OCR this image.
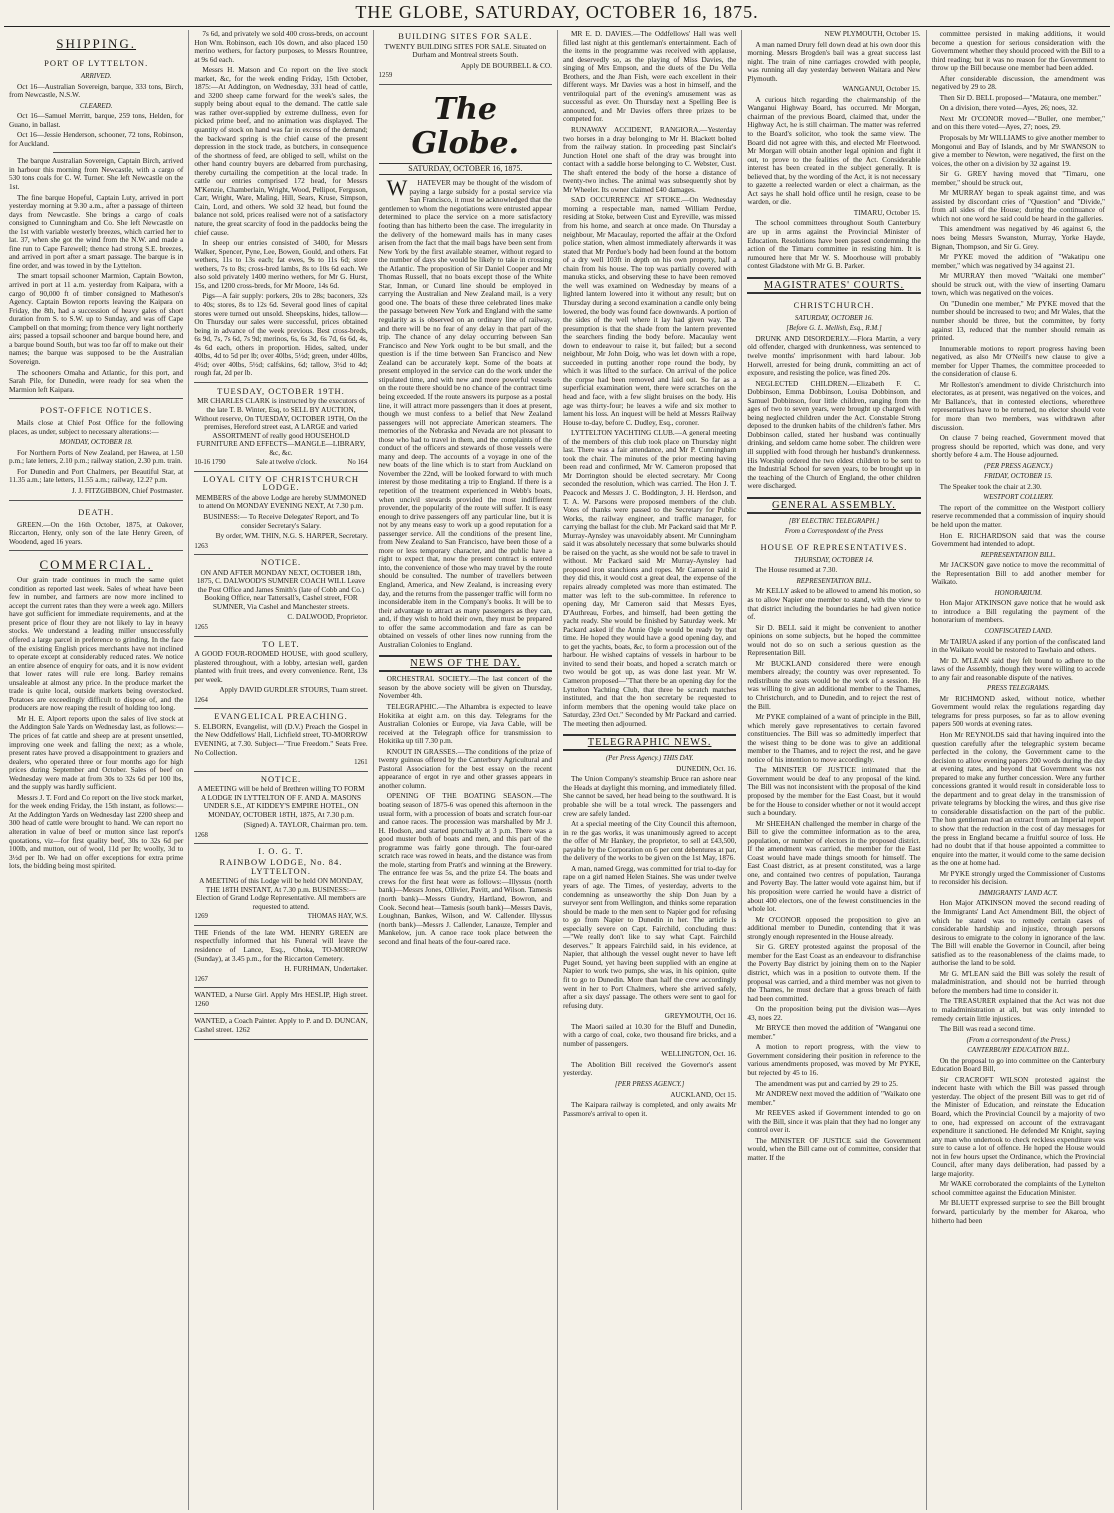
THE GLOBE, SATURDAY, OCTOBER 16, 1875.
SHIPPING.
PORT OF LYTTELTON.
ARRIVED.

Oct 16—Australian Sovereign, barque, 333 tons, Birch, from Newcastle, N.S.W.

CLEARED.

Oct 16—Samuel Merritt, barque, 259 tons, Helden, for Guano, in ballast.

Oct 16—Jessie Henderson, schooner, 72 tons, Robinson, for Auckland.

The barque Australian Sovereign, Captain Birch, arrived in harbour this morning from Newcastle, with a cargo of 530 tons coals for C. W. Turner. She left Newcastle on the 1st.

The fine barque Hopeful, Captain Luty, arrived in port yesterday morning at 9.30 a.m., after a passage of thirteen days from Newcastle. She brings a cargo of coals consigned to Cunningham and Co. She left Newcastle on the 1st with variable westerly breezes, which carried her to lat. 37, when she got the wind from the N.W. and made a fine run to Cape Farewell; thence had strong S.E. breezes, and arrived in port after a smart passage. The barque is in fine order, and was towed in by the Lyttelton.

The smart topsail schooner Marmion, Captain Bowton, arrived in port at 11 a.m. yesterday from Kaipara, with a cargo of 90,000 ft of timber consigned to Matheson's Agency. Captain Bowton reports leaving the Kaipara on Friday, the 8th, had a succession of heavy gales of short duration from S. to S.W. up to Sunday, and was off Cape Campbell on that morning; from thence very light northerly airs; passed a topsail schooner and barque bound here, and a barque bound South, but was too far off to make out their names; the barque was supposed to be the Australian Sovereign.

The schooners Omaha and Atlantic, for this port, and Sarah Pile, for Dunedin, were ready for sea when the Marmion left Kaipara.

POST-OFFICE NOTICES.

Mails close at Chief Post Office for the following places, as under, subject to necessary alterations:—

MONDAY, OCTOBER 18.

For Northern Ports of New Zealand, per Hawea, at 1.50 p.m.; late letters, 2.10 p.m.; railway station, 2.30 p.m. train.

For Dunedin and Port Chalmers, per Beautiful Star, at 11.35 a.m.; late letters, 11.55 a.m.; railway, 12.2? p.m.

J. J. FITZGIBBON, Chief Postmaster.

DEATH.

GREEN.—On the 16th October, 1875, at Oakover, Riccarton, Henry, only son of the late Henry Green, of Woodend, aged 16 years.

COMMERCIAL.

Our grain trade continues in much the same quiet condition as reported last week. Sales of wheat have been few in number, and farmers are now more inclined to accept the current rates than they were a week ago. Millers have got sufficient for immediate requirements, and at the present price of flour they are not likely to lay in heavy stocks. We understand a leading miller unsuccessfully offered a large parcel in preference to grinding. In the face of the existing English prices merchants have not inclined to operate except at considerably reduced rates. We notice an entire absence of enquiry for oats, and it is now evident that lower rates will rule ere long. Barley remains unsaleable at almost any price. In the produce market the trade is quite local, outside markets being overstocked. Potatoes are exceedingly difficult to dispose of, and the producers are now reaping the result of holding too long.

Mr H. E. Alport reports upon the sales of live stock at the Addington Sale Yards on Wednesday last, as follows:—The prices of fat cattle and sheep are at present unsettled, improving one week and falling the next; as a whole, present rates have proved a disappointment to graziers and dealers, who operated three or four months ago for high prices during September and October. Sales of beef on Wednesday were made at from 30s to 32s 6d per 100 lbs, and the supply was hardly sufficient.

Messrs J. T. Ford and Co report on the live stock market, for the week ending Friday, the 15th instant, as follows:—At the Addington Yards on Wednesday last 2200 sheep and 300 head of cattle were brought to hand. We can report no alteration in value of beef or mutton since last report's quotations, viz—for first quality beef, 30s to 32s 6d per 100lb, and mutton, out of wool, 11d per lb; woolly, 3d to 3½d per lb. We had on offer exceptions for extra prime lots, the bidding being most spirited.

7s 6d, and privately we sold 400 cross-breds, on account Hon Wm. Robinson, each 10s down, and also placed 150 merino wethers, for factory purposes, to Messrs Rountree, at 9s 6d each.

Messrs H. Matson and Co report on the live stock market, &c, for the week ending Friday, 15th October, 1875:—At Addington, on Wednesday, 331 head of cattle, and 3200 sheep came forward for the week's sales, the supply being about equal to the demand. The cattle sale was rather over-supplied by extreme dullness, even for picked prime beef, and no animation was displayed. The quantity of stock on hand was far in excess of the demand; the backward spring is the chief cause of the present depression in the stock trade, as butchers, in consequence of the shortness of feed, are obliged to sell, whilst on the other hand country buyers are debarred from purchasing, thereby curtailing the competition at the local trade. In cattle our entries comprised 172 head, for Messrs M'Kenzie, Chamberlain, Wright, Wood, Pellipot, Ferguson, Carr, Wright, Ware, Maling, Hill, Sears, Kruse, Simpson, Cain, Lord, and others. We sold 32 head, but found the balance not sold, prices realised were not of a satisfactory nature, the great scarcity of food in the paddocks being the chief cause.

In sheep our entries consisted of 3400, for Messrs Walker, Spencer, Pyne, Lee, Bowen, Gould, and others. Fat wethers, 11s to 13s each; fat ewes, 9s to 11s 6d; store wethers, 7s to 8s; cross-bred lambs, 8s to 10s 6d each. We also sold privately 1400 merino wethers, for Mr G. Hurst, 15s, and 1200 cross-breds, for Mr Moore, 14s 6d.

Pigs—A fair supply: porkers, 20s to 28s; baconers, 32s to 40s; stores, 8s to 12s 6d. Several good lines of capital stores were turned out unsold. Sheepskins, hides, tallow—On Thursday our sales were successful, prices obtained being in advance of the week previous. Best cross-breds, 6s 9d, 7s, 7s 6d, 7s 9d; merinos, 6s, 6s 3d, 6s 7d, 6s 6d, 4s, 4s 6d each, others in proportion. Hides, salted, under 40lbs, 4d to 5d per lb; over 40lbs, 5½d; green, under 40lbs, 4½d; over 40lbs, 5½d; calfskins, 6d; tallow, 3½d to 4d; rough fat, 2d per lb.

TUESDAY, OCTOBER 19TH.

MR CHARLES CLARK is instructed by the executors of the late T. B. Winter, Esq, to SELL BY AUCTION, Without reserve, On TUESDAY, OCTOBER 19TH, On the premises, Hereford street east, A LARGE and varied ASSORTMENT of really good HOUSEHOLD FURNITURE AND EFFECTS—MANGLE—LIBRARY, &c, &c.

10-16 1790	Sale at twelve o'clock.	No 164
LOYAL CITY OF CHRISTCHURCH LODGE.

MEMBERS of the above Lodge are hereby SUMMONED to attend On MONDAY EVENING NEXT, At 7.30 p.m.

BUSINESS:— To Receive Delegates' Report, and To consider Secretary's Salary.

By order, WM. THIN, N.G. S. HARPER, Secretary.

1263
NOTICE.

ON AND AFTER MONDAY NEXT, OCTOBER 18th, 1875, C. DALWOOD'S SUMNER COACH WILL Leave the Post Office and James Smith's (late of Cobb and Co.) Booking Office, near Tattersall's, Cashel street, FOR SUMNER, Via Cashel and Manchester streets.

C. DALWOOD, Proprietor.

1265
TO LET.

A GOOD FOUR-ROOMED HOUSE, with good scullery, plastered throughout, with a lobby, artesian well, garden planted with fruit trees, and every convenience. Rent, 13s per week.

Apply DAVID GURDLER STOURS, Tuam street.

1264
EVANGELICAL PREACHING.

S. ELBORN, Evangelist, will (D.V.) Preach the Gospel in the New Oddfellows' Hall, Lichfield street, TO-MORROW EVENING, at 7.30. Subject—"True Freedom." Seats Free. No Collection.

1261
NOTICE.

A MEETING will be held of Brethren willing TO FORM A LODGE IN LYTTELTON OF F. AND A. MASONS UNDER S.E., AT KIDDEY'S EMPIRE HOTEL, ON MONDAY, OCTOBER 18TH, 1875, At 7.30 p.m.

(Signed) A. TAYLOR, Chairman pro. tem.

1268
I. O. G. T.
RAINBOW LODGE, No. 84. LYTTELTON.

A MEETING of this Lodge will be held ON MONDAY, THE 18TH INSTANT, At 7.30 p.m. BUSINESS:— Election of Grand Lodge Representative. All members are requested to attend.

1269	THOMAS HAY, W.S.

THE Friends of the late WM. HENRY GREEN are respectfully informed that his Funeral will leave the residence of Lance, Esq., Ohoka, TO-MORROW (Sunday), at 3.45 p.m., for the Riccarton Cemetery.

H. FURHMAN, Undertaker.

1267

WANTED, a Nurse Girl. Apply Mrs HESLIP, High street. 1260

WANTED, a Coach Painter. Apply to P. and D. DUNCAN, Cashel street. 1262

BUILDING SITES FOR SALE.

TWENTY BUILDING SITES FOR SALE. Situated on Durham and Montreal streets South.

Apply DE BOURBELL & CO.

1259
The Globe.
SATURDAY, OCTOBER 16, 1875.

WHATEVER may be thought of the wisdom of paying a large subsidy for a postal service via San Francisco, it must be acknowledged that the gentlemen to whom the negotiations were entrusted appear determined to place the service on a more satisfactory footing than has hitherto been the case. The irregularity in the delivery of the homeward mails has in many cases arisen from the fact that the mail bags have been sent from New York by the first available steamer, without regard to the number of days she would be likely to take in crossing the Atlantic. The proposition of Sir Daniel Cooper and Mr Thomas Russell, that no boats except those of the White Star, Inman, or Cunard line should be employed in carrying the Australian and New Zealand mail, is a very good one. The boats of these three celebrated lines make the passage between New York and England with the same regularity as is observed on an ordinary line of railway, and there will be no fear of any delay in that part of the trip. The chance of any delay occurring between San Francisco and New York ought to be but small, and the question is if the time between San Francisco and New Zealand can be accurately kept. Some of the boats at present employed in the service can do the work under the stipulated time, and with new and more powerful vessels on the route there should be no chance of the contract time being exceeded. If the route answers its purpose as a postal line, it will attract more passengers than it does at present, though we must confess to a belief that New Zealand passengers will not appreciate American steamers. The memories of the Nebraska and Nevada are not pleasant to those who had to travel in them, and the complaints of the conduct of the officers and stewards of those vessels were many and deep. The accounts of a voyage in one of the new boats of the line which is to start from Auckland on November the 22nd, will be looked forward to with much interest by those meditating a trip to England. If there is a repetition of the treatment experienced in Webb's boats, when uncivil stewards provided the most indifferent provender, the popularity of the route will suffer. It is easy enough to drive passengers off any particular line, but it is not by any means easy to work up a good reputation for a passenger service. All the conditions of the present line, from New Zealand to San Francisco, have been those of a more or less temporary character, and the public have a right to expect that, now the present contract is entered into, the convenience of those who may travel by the route should be consulted. The number of travellers between England, America, and New Zealand, is increasing every day, and the returns from the passenger traffic will form no inconsiderable item in the Company's books. It will be to their advantage to attract as many passengers as they can, and, if they wish to hold their own, they must be prepared to offer the same accommodation and fare as can be obtained on vessels of other lines now running from the Australian Colonies to England.

NEWS OF THE DAY.

ORCHESTRAL SOCIETY.—The last concert of the season by the above society will be given on Thursday, November 4th.

TELEGRAPHIC.—The Alhambra is expected to leave Hokitika at eight a.m. on this day. Telegrams for the Australian Colonies or Europe, via Java Cable, will be received at the Telegraph office for transmission to Hokitika up till 7.30 p.m.

KNOUT IN GRASSES.—The conditions of the prize of twenty guineas offered by the Canterbury Agricultural and Pastoral Association for the best essay on the recent appearance of ergot in rye and other grasses appears in another column.

OPENING OF THE BOATING SEASON.—The boating season of 1875-6 was opened this afternoon in the usual form, with a procession of boats and scratch four-oar and canoe races. The procession was marshalled by Mr J. H. Hodson, and started punctually at 3 p.m. There was a good muster both of boats and men, and this part of the programme was fairly gone through. The four-oared scratch race was rowed in heats, and the distance was from the mole, starting from Pratt's and winning at the Brewery. The entrance fee was 5s, and the prize £4. The boats and crews for the first heat were as follows:—Illyssus (north bank)—Messrs Jones, Ollivier, Pavitt, and Wilson. Tamesis (north bank)—Messrs Gundry, Hartland, Bowron, and Cook. Second heat—Tamesis (south bank)—Messrs Davis, Loughnan, Bankes, Wilson, and W. Callender. Illyssus (north bank)—Messrs J. Callender, Lanauze, Templer and Mankelow, jun. A canoe race took place between the second and final heats of the four-oared race.

MR E. D. DAVIES.—The Oddfellows' Hall was well filled last night at this gentleman's entertainment. Each of the items in the programme was received with applause, and deservedly so, as the playing of Miss Davies, the singing of Mrs Empson, and the duets of the Du Vella Brothers, and the Jhan Fish, were each excellent in their different ways. Mr Davies was a host in himself, and the ventriloquial part of the evening's amusement was as successful as ever. On Thursday next a Spelling Bee is announced, and Mr Davies offers three prizes to be competed for.

RUNAWAY ACCIDENT, RANGIORA.—Yesterday two horses in a dray belonging to Mr H. Blackett bolted from the railway station. In proceeding past Sinclair's Junction Hotel one shaft of the dray was brought into contact with a saddle horse belonging to C. Webster, Cust. The shaft entered the body of the horse a distance of twenty-two inches. The animal was subsequently shot by Mr Wheeler. Its owner claimed £40 damages.

SAD OCCURRENCE AT STOKE.—On Wednesday morning a respectable man, named William Perdue, residing at Stoke, between Cust and Eyreville, was missed from his home, and search at once made. On Thursday a neighbour, Mr Macaulay, reported the affair at the Oxford police station, when almost immediately afterwards it was stated that Mr Perdue's body had been found at the bottom of a dry well 103ft in depth on his own property, half a chain from his house. The top was partially covered with manuka sticks, and observing these to have been removed the well was examined on Wednesday by means of a lighted lantern lowered into it without any result; but on Thursday during a second examination a candle only being lowered, the body was found face downwards. A portion of the sides of the well where it lay had given way. The presumption is that the shade from the lantern prevented the searchers finding the body before. Macaulay went down to endeavour to raise it, but failed; but a second neighbour, Mr John Doig, who was let down with a rope, succeeded in putting another rope round the body, by which it was lifted to the surface. On arrival of the police the corpse had been removed and laid out. So far as a superficial examination went, there were scratches on the head and face, with a few slight bruises on the body. His age was thirty-four; he leaves a wife and six mother to lament his loss. An inquest will be held at Messrs Railway House to-day, before C. Dudley, Esq., coroner.

LYTTELTON YACHTING CLUB.—A general meeting of the members of this club took place on Thursday night last. There was a fair attendance, and Mr P. Cunningham took the chair. The minutes of the prior meeting having been read and confirmed, Mr W. Cameron proposed that Mr Dorrington should be elected secretary. Mr Coong seconded the resolution, which was carried. The Hon J. T. Peacock and Messrs J. C. Boddington, J. H. Herdson, and T. A. W. Parsons were proposed members of the club. Votes of thanks were passed to the Secretary for Public Works, the railway engineer, and traffic manager, for carrying the ballast for the club. Mr Packard said that Mr P. Murray-Aynsley was unavoidably absent. Mr Cunningham said it was absolutely necessary that some bulwarks should be raised on the yacht, as she would not be safe to travel in without. Mr Packard said Mr Murray-Aynsley had proposed iron stanchions and ropes. Mr Cameron said it they did this, it would cost a great deal, the expense of the repairs already completed was more than estimated. The matter was left to the sub-committee. In reference to opening day, Mr Cameron said that Messrs Eyes, D'Authreau, Forbes, and himself, had been getting the yacht ready. She would be finished by Saturday week. Mr Packard asked if the Annie Ogle would be ready by that time. He hoped they would have a good opening day, and to get the yachts, boats, &c, to form a procession out of the harbour. He wished captains of vessels in harbour to be invited to send their boats, and hoped a scratch match or two would be got up, as was done last year. Mr W. Cameron proposed—"That there be an opening day for the Lyttelton Yachting Club, that three be scratch matches instituted, and that the hon secretary be requested to inform members that the opening would take place on Saturday, 23rd Oct." Seconded by Mr Packard and carried. The meeting then adjourned.

TELEGRAPHIC NEWS.
(Per Press Agency.) THIS DAY.

DUNEDIN, Oct. 16.

The Union Company's steamship Bruce ran ashore near the Heads at daylight this morning, and immediately filled. She cannot be saved, her head being to the southward. It is probable she will be a total wreck. The passengers and crew are safely landed.

At a special meeting of the City Council this afternoon, in re the gas works, it was unanimously agreed to accept the offer of Mr Hankey, the proprietor, to sell at £43,500, payable by the Corporation on 6 per cent debentures at par, the delivery of the works to be given on the 1st May, 1876.

A man, named Gregg, was committed for trial to-day for rape on a girl named Helen Staines. She was under twelve years of age. The Times, of yesterday, adverts to the condemning as unseaworthy the ship Don Juan by a surveyor sent from Wellington, and thinks some reparation should be made to the men sent to Napier god for refusing to go from Napier to Dunedin in her. The article is especially severe on Capt. Fairchild, concluding thus:—"We really don't like to say what Capt. Fairchild deserves." It appears Fairchild said, in his evidence, at Napier, that although the vessel ought never to have left Puget Sound, yet having been supplied with an engine at Napier to work two pumps, she was, in his opinion, quite fit to go to Dunedin. More than half the crew accordingly went in her to Port Chalmers, where she arrived safely, after a six days' passage. The others were sent to gaol for refusing duty.

GREYMOUTH, Oct 16.

The Maori sailed at 10.30 for the Bluff and Dunedin, with a cargo of coal, coke, two thousand fire bricks, and a number of passengers.

WELLINGTON, Oct. 16.

The Abolition Bill received the Governor's assent yesterday.

[PER PRESS AGENCY.]

AUCKLAND, Oct 15.

The Kaipara railway is completed, and only awaits Mr Passmore's arrival to open it.

NEW PLYMOUTH, October 15.

A man named Drury fell down dead at his own door this morning. Messrs Brogden's bail was a great success last night. The train of nine carriages crowded with people, was running all day yesterday between Waitara and New Plymouth.

WANGANUI, October 15.

A curious hitch regarding the chairmanship of the Wanganui Highway Board, has occurred. Mr Morgan, chairman of the previous Board, claimed that, under the Highway Act, he is still chairman. The matter was referred to the Board's solicitor, who took the same view. The Board did not agree with this, and elected Mr Fleetwood. Mr Morgan will obtain another legal opinion and fight it out, to prove to the fealities of the Act. Considerable interest has been created in the subject generally. It is believed that, by the wording of the Act, it is not necessary to gazette a reelected warden or elect a chairman, as the Act says he shall hold office until he resign, cease to be warden, or die.

TIMARU, October 15.

The school committees throughout South Canterbury are up in arms against the Provincial Minister of Education. Resolutions have been passed condemning the action of the Timaru committee in resisting him. It is rumoured here that Mr W. S. Moorhouse will probably contest Gladstone with Mr G. B. Parker.

MAGISTRATES' COURTS.
CHRISTCHURCH.
SATURDAY, OCTOBER 16.
[Before G. L. Mellish, Esq., R.M.]

DRUNK AND DISORDERLY.—Flora Martin, a very old offender, charged with drunkenness, was sentenced to twelve months' imprisonment with hard labour. Job Horwell, arrested for being drunk, committing an act of exposure, and resisting the police, was fined 20s.

NEGLECTED CHILDREN.—Elizabeth F. C. Dobbinson, Emma Dobbinson, Louisa Dobbinson, and Samuel Dobbinson, four little children, ranging from the ages of two to seven years, were brought up charged with being neglected children under the Act. Constable Strong deposed to the drunken habits of the children's father. Mrs Dobbinson called, stated her husband was continually drinking, and seldom came home sober. The children were ill supplied with food through her husband's drunkenness. His Worship ordered the two eldest children to be sent to the Industrial School for seven years, to be brought up in the teaching of the Church of England, the other children were discharged.

GENERAL ASSEMBLY.
[BY ELECTRIC TELEGRAPH.]
From a Correspondent of the Press
HOUSE OF REPRESENTATIVES.
THURSDAY, OCTOBER 14.

The House resumed at 7.30.

REPRESENTATION BILL.

Mr KELLY asked to be allowed to amend his motion, so as to allow Napier one member to stand, with the view to that district including the boundaries he had given notice of.

Sir D. BELL said it might be convenient to another opinions on some subjects, but he hoped the committee would not do so on such a serious question as the Representation Bill.

Mr BUCKLAND considered there were enough members already; the country was over represented. To redistribute the seats would be the work of a session. He was willing to give an additional member to the Thames, to Christchurch, and to Dunedin, and to reject the rest of the Bill.

Mr PYKE complained of a want of principle in the Bill, which merely gave representatives to certain favored constituencies. The Bill was so admittedly imperfect that the wisest thing to be done was to give an additional member to the Thames, and to reject the rest, and he gave notice of his intention to move accordingly.

The MINISTER OF JUSTICE intimated that the Government would be deaf to any proposal of the kind. The Bill was not inconsistent with the proposal of the kind proposed by the member for the East Coast, but it would be for the House to consider whether or not it would accept such a boundary.

Mr SHEEHAN challenged the member in charge of the Bill to give the committee information as to the area, population, or number of electors in the proposed district. If the amendment was carried, the member for the East Coast would have made things smooth for himself. The East Coast district, as at present constituted, was a large one, and contained two centres of population, Tauranga and Poverty Bay. The latter would vote against him, but if his proposition were carried he would have a district of about 400 electors, one of the fewest constituencies in the whole lot.

Mr O'CONOR opposed the proposition to give an additional member to Dunedin, contending that it was strongly enough represented in the House already.

Sir G. GREY protested against the proposal of the member for the East Coast as an endeavour to disfranchise the Poverty Bay district by joining them on to the Napier district, which was in a position to outvote them. If the proposal was carried, and a third member was not given to the Thames, he must declare that a gross breach of faith had been committed.

On the proposition being put the division was—Ayes 43, noes 22.

Mr BRYCE then moved the addition of "Wanganui one member."

A motion to report progress, with the view to Government considering their position in reference to the various amendments proposed, was moved by Mr PYKE, but rejected by 45 to 16.

The amendment was put and carried by 29 to 25.

Mr ANDREW next moved the addition of "Waikato one member."

Mr REEVES asked if Government intended to go on with the Bill, since it was plain that they had no longer any control over it.

The MINISTER OF JUSTICE said the Government would, when the Bill came out of committee, consider that matter. If the

committee persisted in making additions, it would become a question for serious consideration with the Government whether they should proceed with the Bill to a third reading; but it was no reason for the Government to throw up the Bill because one member had been added.

After considerable discussion, the amendment was negatived by 29 to 28.

Then Sir D. BELL proposed—"Mataura, one member."

On a division, there voted—Ayes, 26; noes, 32.

Next Mr O'CONOR moved—"Buller, one member," and on this there voted—Ayes, 27; noes, 29.

Proposals by Mr WILLIAMS to give another member to Mongonui and Bay of Islands, and by Mr SWANSON to give a member to Newton, were negatived, the first on the voices, the other on a division by 32 against 19.

Sir G. GREY having moved that "Timaru, one member," should be struck out,

Mr MURRAY began to speak against time, and was assisted by discordant cries of "Question" and "Divide," from all sides of the House; during the continuance of which not one word he said could be heard in the galleries.

This amendment was negatived by 46 against 6, the noes being Messrs Swanston, Murray, Yorke Hayde, Bignan, Thompson, and Sir G. Grey.

Mr PYKE moved the addition of "Wakatipu one member," which was negatived by 34 against 21.

Mr MURRAY then moved "Waitaki one member" should be struck out, with the view of inserting Oamaru town, which was negatived on the voices.

On "Dunedin one member," Mr PYKE moved that the number should be increased to two; and Mr Wales, that the number should be three, but the committee, by forty against 13, reduced that the number should remain as printed.

Innumerable motions to report progress having been negatived, as also Mr O'Neill's new clause to give a member for Upper Thames, the committee proceeded to the consideration of clause 6.

Mr Rolleston's amendment to divide Christchurch into electorates, as at present, was negatived on the voices, and Mr Ballance's, that in contested elections, wherethree representatives have to be returned, no elector should vote for more than two members, was withdrawn after discussion.

On clause 7 being reached, Government moved that progress should be reported, which was done, and very shortly before 4 a.m. The House adjourned.

(PER PRESS AGENCY.)
FRIDAY, OCTOBER 15.

The Speaker took the chair at 2.30.

WESTPORT COLLIERY.

The report of the committee on the Westport colliery reserve recommended that a commission of inquiry should be held upon the matter.

Hon E. RICHARDSON said that was the course Government had intended to adopt.

REPRESENTATION BILL.

Mr JACKSON gave notice to move the recommittal of the Representation Bill to add another member for Waikato.

HONORARIUM.

Hon Major ATKINSON gave notice that he would ask to introduce a Bill regulating the payment of the honorarium of members.

CONFISCATED LAND.

Mr TAIRUA asked if any portion of the confiscated land in the Waikato would be restored to Tawhaio and others.

Mr D. M'LEAN said they felt bound to adhere to the laws of the Assembly, though they were willing to accede to any fair and reasonable dispute of the natives.

PRESS TELEGRAMS.

Mr RICHMOND asked, without notice, whether Government would relax the regulations regarding day telegrams for press purposes, so far as to allow evening papers 500 words at evening rates.

Hon Mr REYNOLDS said that having inquired into the question carefully after the telegraphic system became perfected in the colony, the Government came to the decision to allow evening papers 200 words during the day at evening rates, and beyond that Government was not prepared to make any further concession. Were any further concessions granted it would result in considerable loss to the department and to great delay in the transmission of private telegrams by blocking the wires, and thus give rise to considerable dissatisfaction on the part of the public. The hon gentleman read an extract from an Imperial report to show that the reduction in the cost of day messages for the press in England became a fruitful source of loss. He had no doubt that if that house appointed a committee to enquire into the matter, it would come to the same decision as the one at home had.

Mr PYKE strongly urged the Commissioner of Customs to reconsider his decision.

IMMIGRANTS' LAND ACT.

Hon Major ATKINSON moved the second reading of the Immigrants' Land Act Amendment Bill, the object of which he stated was to remedy certain cases of considerable hardship and injustice, through persons desirous to emigrate to the colony in ignorance of the law. The Bill will enable the Governor in Council, after being satisfied as to the reasonableness of the claims made, to authorise the land to be sold.

Mr G. M'LEAN said the Bill was solely the result of maladministration, and should not be hurried through before the members had time to consider it.

The TREASURER explained that the Act was not due to maladministration at all, but was only intended to remedy certain little injustices.

The Bill was read a second time.

(From a correspondent of the Press.)
CANTERBURY EDUCATION BILL.

On the proposal to go into committee on the Canterbury Education Board Bill,

Sir CRACROFT WILSON protested against the indecent haste with which the Bill was passed through yesterday. The object of the present Bill was to get rid of the Minister of Education, and reinstate the Education Board, which the Provincial Council by a majority of two to one, had expressed on account of the extravagant expenditure it sanctioned. He defended Mr Knight, saying any man who undertook to check reckless expenditure was sure to cause a lot of offence. He hoped the House would not in few hours upset the Ordinance, which the Provincial Council, after many days deliberation, had passed by a large majority.

Mr WAKE corroborated the complaints of the Lyttelton school committee against the Education Minister.

Mr BLUETT expressed surprise to see the Bill brought forward, particularly by the member for Akaroa, who hitherto had been
